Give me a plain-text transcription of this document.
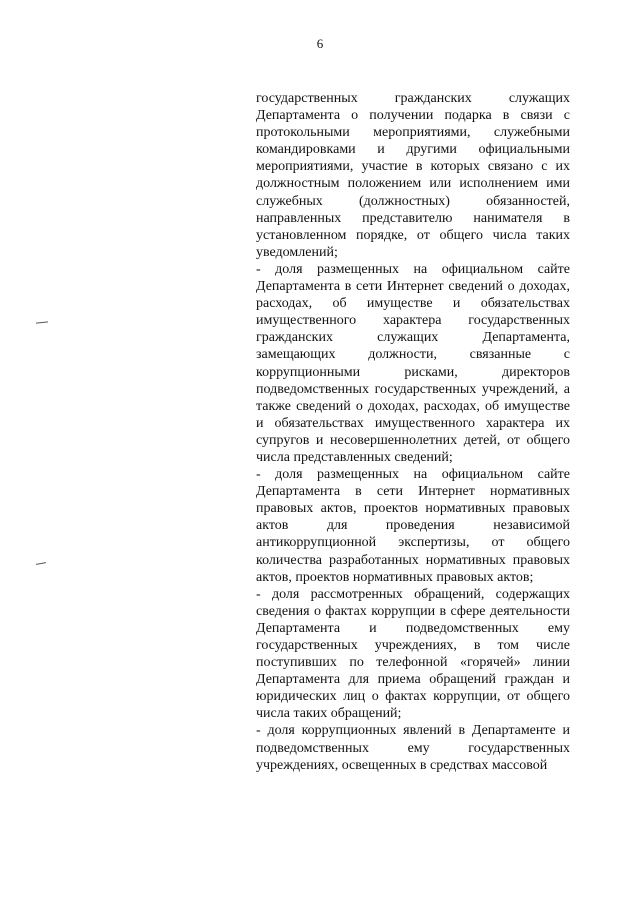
6

государственных гражданских служащих Департамента о получении подарка в связи с протокольными мероприятиями, служебными командировками и другими официальными мероприятиями, участие в которых связано с их должностным положением или исполнением ими служебных (должностных) обязанностей, направленных представителю нанимателя в установленном порядке, от общего числа таких уведомлений;

- доля размещенных на официальном сайте Департамента в сети Интернет сведений о доходах, расходах, об имуществе и обязательствах имущественного характера государственных гражданских служащих Департамента, замещающих должности, связанные с коррупционными рисками, директоров подведомственных государственных учреждений, а также сведений о доходах, расходах, об имуществе и обязательствах имущественного характера их супругов и несовершеннолетних детей, от общего числа представленных сведений;

- доля размещенных на официальном сайте Департамента в сети Интернет нормативных правовых актов, проектов нормативных правовых актов для проведения независимой антикоррупционной экспертизы, от общего количества разработанных нормативных правовых актов, проектов нормативных правовых актов;

- доля рассмотренных обращений, содержащих сведения о фактах коррупции в сфере деятельности Департамента и подведомственных ему государственных учреждениях, в том числе поступивших по телефонной «горячей» линии Департамента для приема обращений граждан и юридических лиц о фактах коррупции, от общего числа таких обращений;

- доля коррупционных явлений в Департаменте и подведомственных ему государственных учреждениях, освещенных в средствах массовой
